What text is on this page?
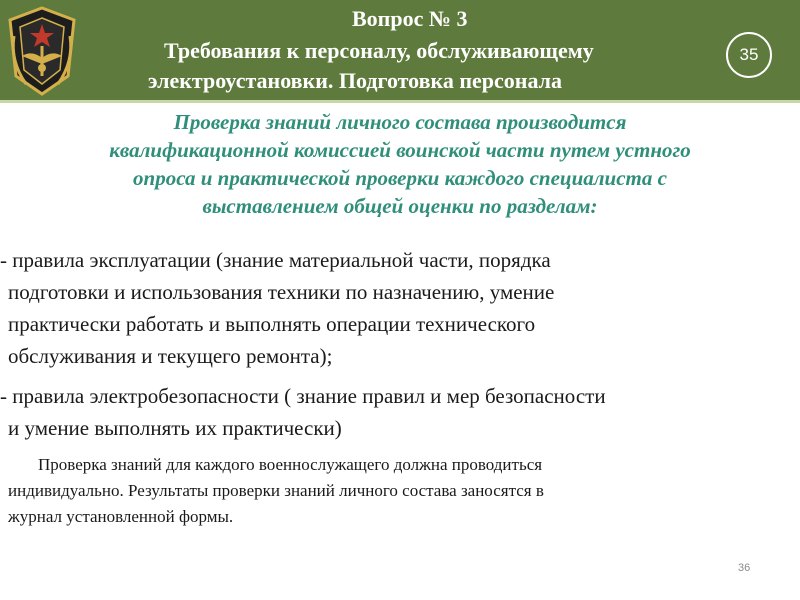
Вопрос № 3
Требования к персоналу, обслуживающему
электроустановки. Подготовка персонала
35
Проверка знаний личного состава производится
квалификационной комиссией воинской части путем устного
опроса и практической проверки каждого специалиста с
выставлением общей оценки по разделам:
- правила эксплуатации (знание материальной части, порядка
подготовки и использования техники по назначению, умение
практически работать и выполнять операции технического
обслуживания и текущего ремонта);
- правила электробезопасности ( знание правил и мер безопасности
и умение выполнять их практически)
Проверка знаний для каждого военнослужащего должна проводиться
индивидуально. Результаты проверки знаний личного состава заносятся в
журнал установленной формы.
36
